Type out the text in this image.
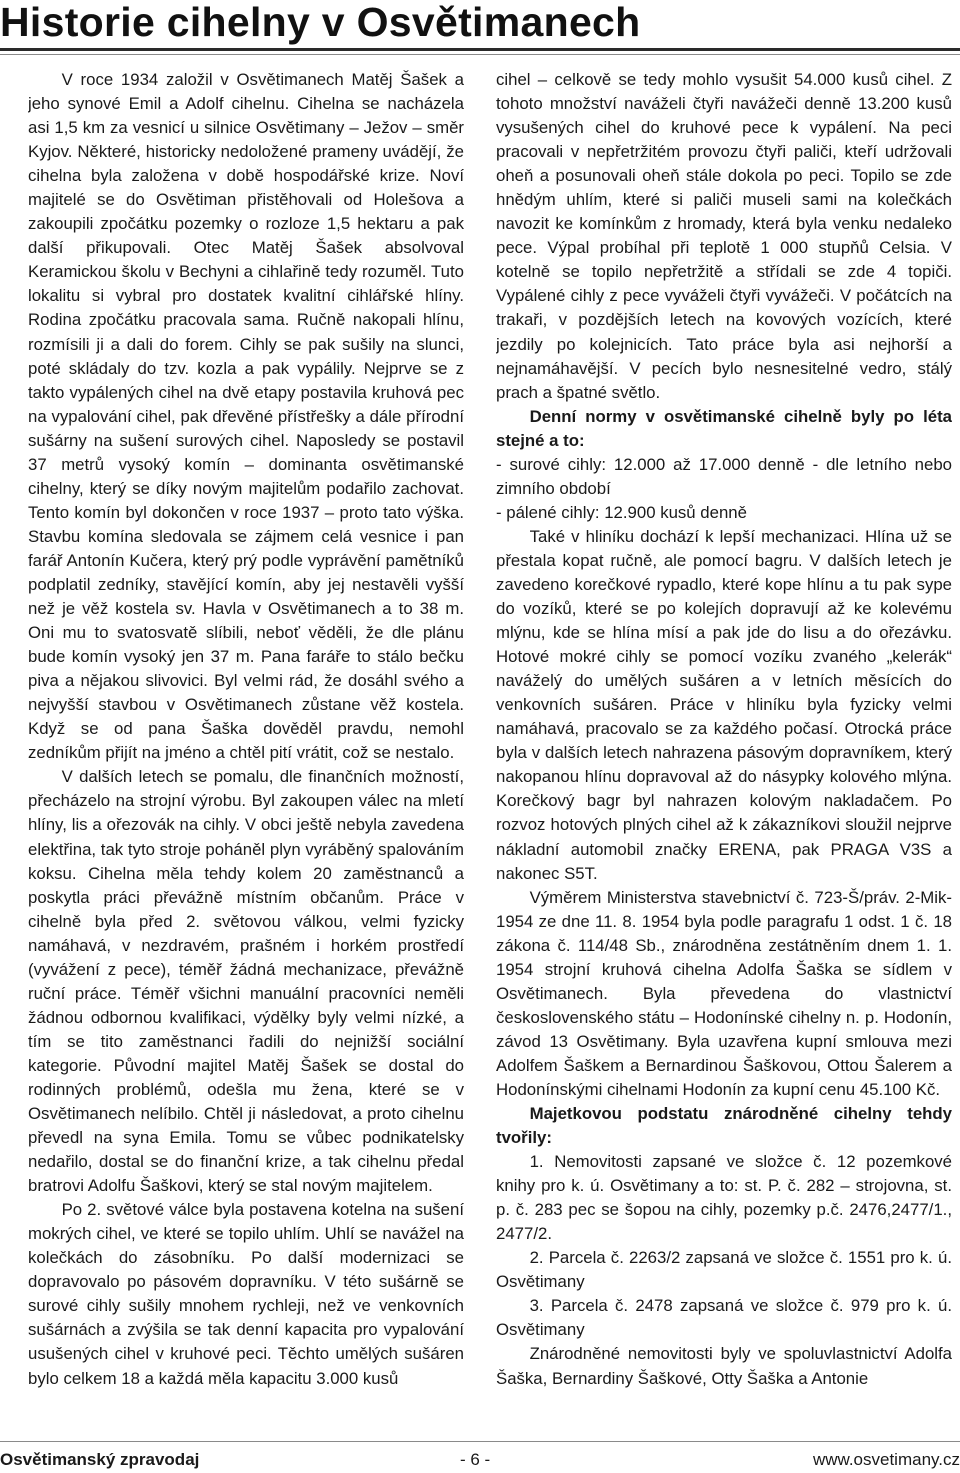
Historie cihelny v Osvětimanech

V roce 1934 založil v Osvětimanech Matěj Šašek a jeho synové Emil a Adolf cihelnu. Cihelna se nacházela asi 1,5 km za vesnicí u silnice Osvětimany – Ježov – směr Kyjov. Některé, historicky nedoložené prameny uvádějí, že cihelna byla založena v době hospodářské krize. Noví majitelé se do Osvětiman přistěhovali od Holešova a zakoupili zpočátku pozemky o rozloze 1,5 hektaru a pak další přikupovali. Otec Matěj Šašek absolvoval Keramickou školu v Bechyni a cihlařině tedy rozuměl. Tuto lokalitu si vybral pro dostatek kvalitní cihlářské hlíny. Rodina zpočátku pracovala sama. Ručně nakopali hlínu, rozmísili ji a dali do forem. Cihly se pak sušily na slunci, poté skládaly do tzv. kozla a pak vypálily. Nejprve se z takto vypálených cihel na dvě etapy postavila kruhová pec na vypalování cihel, pak dřevěné přístřešky a dále přírodní sušárny na sušení surových cihel. Naposledy se postavil 37 metrů vysoký komín – dominanta osvětimanské cihelny, který se díky novým majitelům podařilo zachovat. Tento komín byl dokončen v roce 1937 – proto tato výška. Stavbu komína sledovala se zájmem celá vesnice i pan farář Antonín Kučera, který prý podle vyprávění pamětníků podplatil zedníky, stavějící komín, aby jej nestavěli vyšší než je věž kostela sv. Havla v Osvětimanech a to 38 m. Oni mu to svatosvatě slíbili, neboť věděli, že dle plánu bude komín vysoký jen 37 m. Pana faráře to stálo bečku piva a nějakou slivovici. Byl velmi rád, že dosáhl svého a nejvyšší stavbou v Osvětimanech zůstane věž kostela. Když se od pana Šaška dověděl pravdu, nemohl zedníkům přijít na jméno a chtěl pití vrátit, což se nestalo.

V dalších letech se pomalu, dle finančních možností, přecházelo na strojní výrobu. Byl zakoupen válec na mletí hlíny, lis a ořezovák na cihly. V obci ještě nebyla zavedena elektřina, tak tyto stroje poháněl plyn vyráběný spalováním koksu. Cihelna měla tehdy kolem 20 zaměstnanců a poskytla práci převážně místním občanům. Práce v cihelně byla před 2. světovou válkou, velmi fyzicky namáhavá, v nezdravém, prašném i horkém prostředí (vyvážení z pece), téměř žádná mechanizace, převážně ruční práce. Téměř všichni manuální pracovníci neměli žádnou odbornou kvalifikaci, výdělky byly velmi nízké, a tím se tito zaměstnanci řadili do nejnižší sociální kategorie. Původní majitel Matěj Šašek se dostal do rodinných problémů, odešla mu žena, které se v Osvětimanech nelíbilo. Chtěl ji následovat, a proto cihelnu převedl na syna Emila. Tomu se vůbec podnikatelsky nedařilo, dostal se do finanční krize, a tak cihelnu předal bratrovi Adolfu Šaškovi, který se stal novým majitelem.

Po 2. světové válce byla postavena kotelna na sušení mokrých cihel, ve které se topilo uhlím. Uhlí se navážel na kolečkách do zásobníku. Po další modernizaci se dopravovalo po pásovém dopravníku. V této sušárně se surové cihly sušily mnohem rychleji, než ve venkovních sušárnách a zvýšila se tak denní kapacita pro vypalování usušených cihel v kruhové peci. Těchto umělých sušáren bylo celkem 18 a každá měla kapacitu 3.000 kusů

cihel – celkově se tedy mohlo vysušit 54.000 kusů cihel. Z tohoto množství naváželi čtyři navážeči denně 13.200 kusů vysušených cihel do kruhové pece k vypálení. Na peci pracovali v nepřetržitém provozu čtyři paliči, kteří udržovali oheň a posunovali oheň stále dokola po peci. Topilo se zde hnědým uhlím, které si paliči museli sami na kolečkách navozit ke komínkům z hromady, která byla venku nedaleko pece. Výpal probíhal při teplotě 1 000 stupňů Celsia. V kotelně se topilo nepřetržitě a střídali se zde 4 topiči. Vypálené cihly z pece vyváželi čtyři vyvážeči. V počátcích na trakaři, v pozdějších letech na kovových vozících, které jezdily po kolejnicích. Tato práce byla asi nejhorší a nejnamáhavější. V pecích bylo nesnesitelné vedro, stálý prach a špatné světlo.

Denní normy v osvětimanské cihelně byly po léta stejné a to:

- surové cihly: 12.000 až 17.000 denně - dle letního nebo zimního období

- pálené cihly: 12.900 kusů denně

Také v hliníku dochází k lepší mechanizaci. Hlína už se přestala kopat ručně, ale pomocí bagru. V dalších letech je zavedeno korečkové rypadlo, které kope hlínu a tu pak sype do vozíků, které se po kolejích dopravují až ke kolevému mlýnu, kde se hlína mísí a pak jde do lisu a do ořezávku. Hotové mokré cihly se pomocí vozíku zvaného „kelerák“ naváželý do umělých sušáren a v letních měsících do venkovních sušáren. Práce v hliníku byla fyzicky velmi namáhavá, pracovalo se za každého počasí. Otrocká práce byla v dalších letech nahrazena pásovým dopravníkem, který nakopanou hlínu dopravoval až do násypky kolového mlýna. Korečkový bagr byl nahrazen kolovým nakladačem. Po rozvoz hotových plných cihel až k zákazníkovi sloužil nejprve nákladní automobil značky ERENA, pak PRAGA V3S a nakonec S5T.

Výměrem Ministerstva stavebnictví č. 723-Š/práv. 2-Mik-1954 ze dne 11. 8. 1954 byla podle paragrafu 1 odst. 1 č. 18 zákona č. 114/48 Sb., znárodněna zestátněním dnem 1. 1. 1954 strojní kruhová cihelna Adolfa Šaška se sídlem v Osvětimanech. Byla převedena do vlastnictví československého státu – Hodonínské cihelny n. p. Hodonín, závod 13 Osvětimany. Byla uzavřena kupní smlouva mezi Adolfem Šaškem a Bernardinou Šaškovou, Ottou Šalerem a Hodonínskými cihelnami Hodonín za kupní cenu 45.100 Kč.

Majetkovou podstatu znárodněné cihelny tehdy tvořily:

1. Nemovitosti zapsané ve složce č. 12 pozemkové knihy pro k. ú. Osvětimany a to: st. P. č. 282 – strojovna, st. p. č. 283 pec se šopou na cihly, pozemky p.č. 2476,2477/1., 2477/2.

2. Parcela č. 2263/2 zapsaná ve složce č. 1551 pro k. ú. Osvětimany

3. Parcela č. 2478 zapsaná ve složce č. 979 pro k. ú. Osvětimany

Znárodněné nemovitosti byly ve spoluvlastnictví Adolfa Šaška, Bernardiny Šaškové, Otty Šaška a Antonie

Osvětimanský zpravodaj	- 6 -	www.osvetimany.cz
